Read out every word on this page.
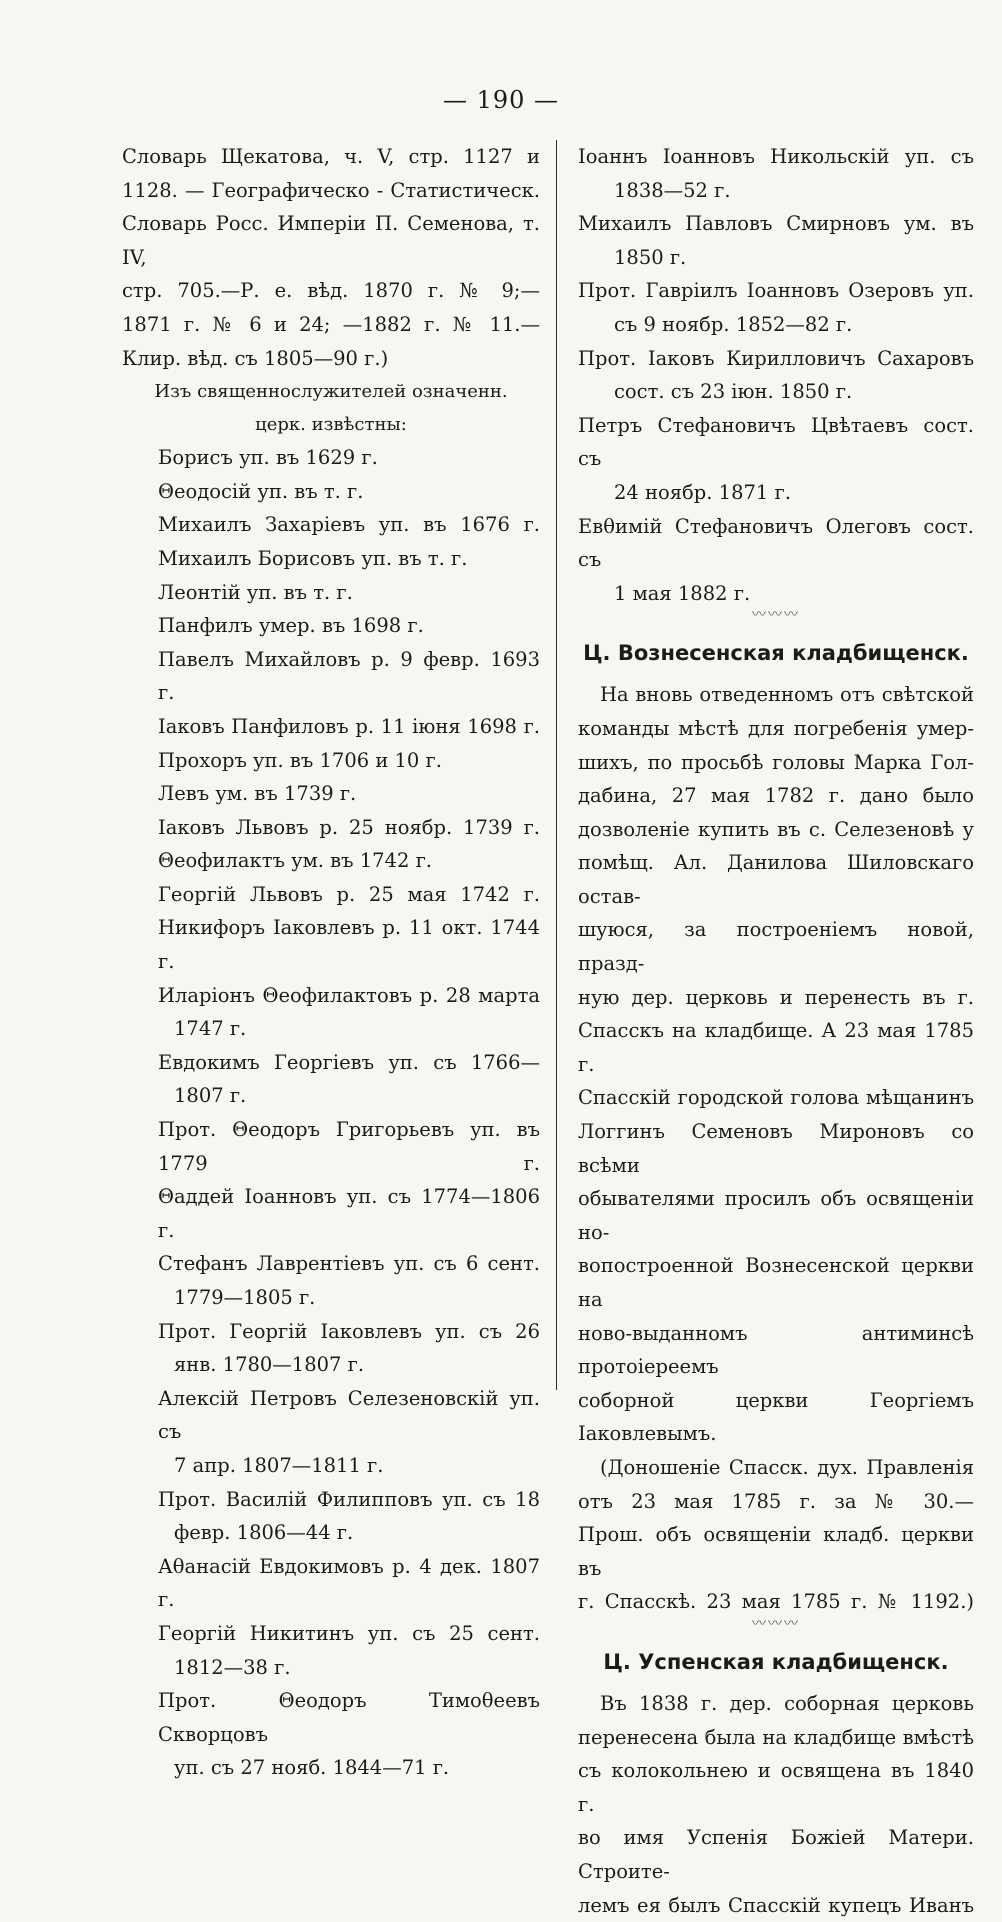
— 190 —
Словарь Щекатова, ч. V, стр. 1127 и
1128. — Географическо - Статистическ.
Словарь Росс. Имперiи П. Семенова, т. IV,
стр. 705.—Р. е. вѣд. 1870 г. № 9;—
1871 г. № 6 и 24; —1882 г. № 11.—
Клир. вѣд. съ 1805—90 г.)
Изъ священнослужителей означенн.
церк. извѣстны:
Борисъ уп. въ 1629 г.
Θеодосiй уп. въ т. г.
Михаилъ Захарiевъ уп. въ 1676 г.
Михаилъ Борисовъ уп. въ т. г.
Леонтiй уп. въ т. г.
Панфилъ умер. въ 1698 г.
Павелъ Михайловъ р. 9 февр. 1693 г.
Iаковъ Панфиловъ р. 11 iюня 1698 г.
Прохоръ уп. въ 1706 и 10 г.
Левъ ум. въ 1739 г.
Iаковъ Львовъ р. 25 ноябр. 1739 г.
Θеофилактъ ум. въ 1742 г.
Георгiй Львовъ р. 25 мая 1742 г.
Никифоръ Iаковлевъ р. 11 окт. 1744 г.
Иларiонъ Θеофилактовъ р. 28 марта
1747 г.
Евдокимъ Георгiевъ уп. съ 1766—
1807 г.
Прот. Θеодоръ Григорьевъ уп. въ 1779 г.
Θаддей Iоанновъ уп. съ 1774—1806 г.
Стефанъ Лаврентiевъ уп. съ 6 сент.
1779—1805 г.
Прот. Георгiй Iаковлевъ уп. съ 26
янв. 1780—1807 г.
Алексiй Петровъ Селезеновскiй уп. съ
7 апр. 1807—1811 г.
Прот. Василiй Филипповъ уп. съ 18
февр. 1806—44 г.
Аθанасiй Евдокимовъ р. 4 дек. 1807 г.
Георгiй Никитинъ уп. съ 25 сент.
1812—38 г.
Прот. Θеодоръ Тимоθеевъ Скворцовъ
уп. съ 27 нояб. 1844—71 г.
Iоаннъ Iоанновъ Никольскiй уп. съ
1838—52 г.
Михаилъ Павловъ Смирновъ ум. въ
1850 г.
Прот. Гаврiилъ Iоанновъ Озеровъ уп.
съ 9 ноябр. 1852—82 г.
Прот. Iаковъ Кирилловичъ Сахаровъ
сост. съ 23 iюн. 1850 г.
Петръ Стефановичъ Цвѣтаевъ сост. съ
24 ноябр. 1871 г.
Евθимiй Стефановичъ Олеговъ сост. съ
1 мая 1882 г.
〰〰〰
Ц. Вознесенская кладбищенск.
На вновь отведенномъ отъ свѣтской
команды мѣстѣ для погребенiя умер-
шихъ, по просьбѣ головы Марка Гол-
дабина, 27 мая 1782 г. дано было
дозволенiе купить въ с. Селезеновѣ у
помѣщ. Ал. Данилова Шиловскаго остав-
шуюся, за построенiемъ новой, празд-
ную дер. церковь и перенесть въ г.
Спасскъ на кладбище. А 23 мая 1785 г.
Спасскiй городской голова мѣщанинъ
Логгинъ Семеновъ Мироновъ со всѣми
обывателями просилъ объ освященiи но-
вопостроенной Вознесенской церкви на
ново-выданномъ антиминсѣ протоiереемъ
соборной церкви Георгiемъ Iаковлевымъ.
(Доношенiе Спасск. дух. Правленiя
отъ 23 мая 1785 г. за № 30.—
Прош. объ освященiи кладб. церкви въ
г. Спасскѣ. 23 мая 1785 г. № 1192.)
〰〰〰
Ц. Успенская кладбищенск.
Въ 1838 г. дер. соборная церковь
перенесена была на кладбище вмѣстѣ
съ колокольнею и освящена въ 1840 г.
во имя Успенiя Божiей Матери. Строите-
лемъ ея былъ Спасскiй купецъ Иванъ
